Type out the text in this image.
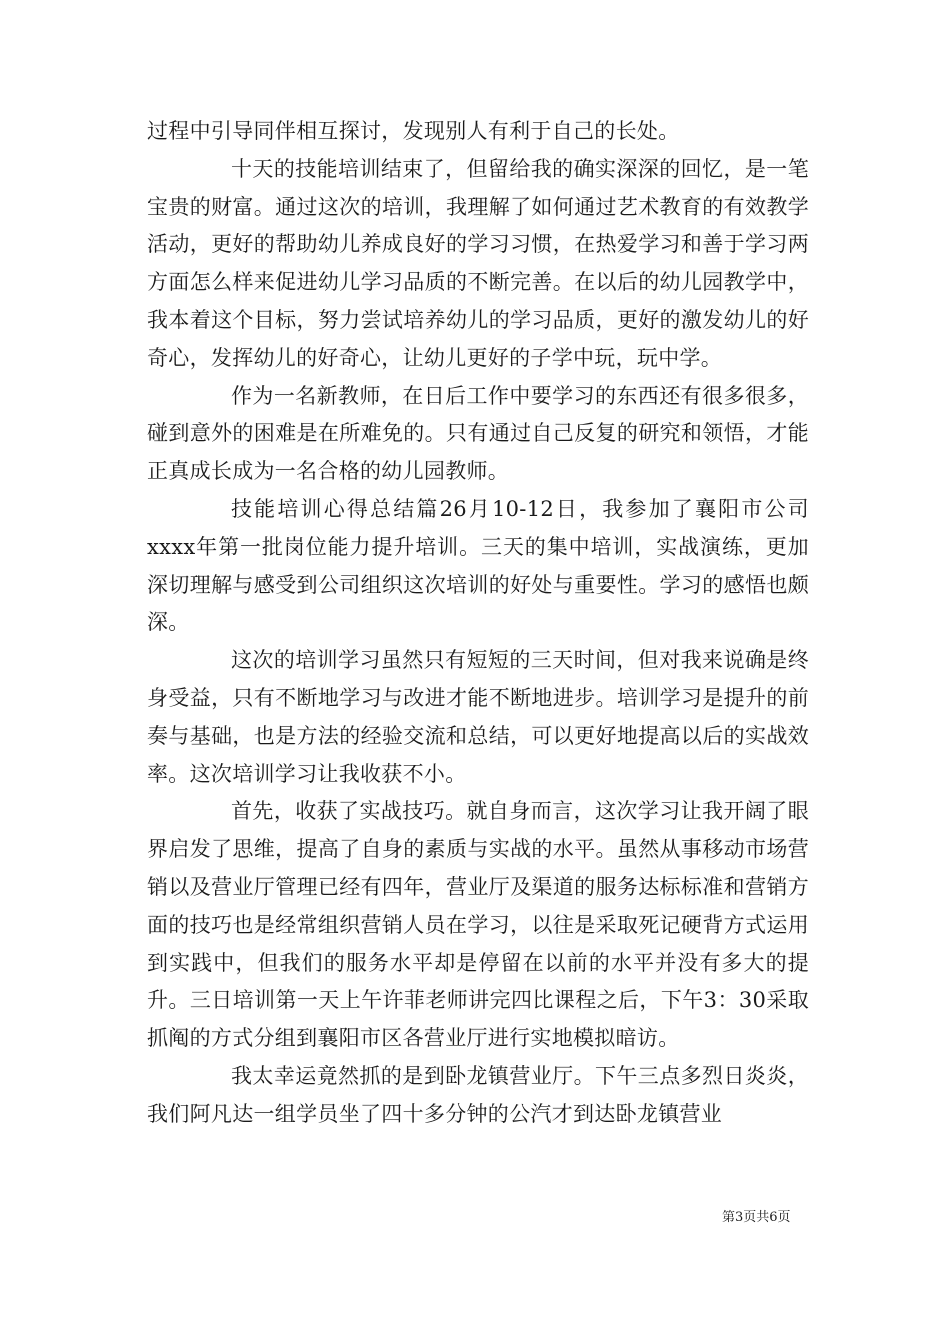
过程中引导同伴相互探讨，发现别人有利于自己的长处。

十天的技能培训结束了，但留给我的确实深深的回忆，是一笔宝贵的财富。通过这次的培训，我理解了如何通过艺术教育的有效教学活动，更好的帮助幼儿养成良好的学习习惯，在热爱学习和善于学习两方面怎么样来促进幼儿学习品质的不断完善。在以后的幼儿园教学中，我本着这个目标，努力尝试培养幼儿的学习品质，更好的激发幼儿的好奇心，发挥幼儿的好奇心，让幼儿更好的子学中玩，玩中学。

作为一名新教师，在日后工作中要学习的东西还有很多很多，碰到意外的困难是在所难免的。只有通过自己反复的研究和领悟，才能正真成长成为一名合格的幼儿园教师。

技能培训心得总结篇26月10-12日，我参加了襄阳市公司xxxx年第一批岗位能力提升培训。三天的集中培训，实战演练，更加深切理解与感受到公司组织这次培训的好处与重要性。学习的感悟也颇深。

这次的培训学习虽然只有短短的三天时间，但对我来说确是终身受益，只有不断地学习与改进才能不断地进步。培训学习是提升的前奏与基础，也是方法的经验交流和总结，可以更好地提高以后的实战效率。这次培训学习让我收获不小。

首先，收获了实战技巧。就自身而言，这次学习让我开阔了眼界启发了思维，提高了自身的素质与实战的水平。虽然从事移动市场营销以及营业厅管理已经有四年，营业厅及渠道的服务达标标准和营销方面的技巧也是经常组织营销人员在学习，以往是采取死记硬背方式运用到实践中，但我们的服务水平却是停留在以前的水平并没有多大的提升。三日培训第一天上午许菲老师讲完四比课程之后，下午3：30采取抓阄的方式分组到襄阳市区各营业厅进行实地模拟暗访。

我太幸运竟然抓的是到卧龙镇营业厅。下午三点多烈日炎炎，我们阿凡达一组学员坐了四十多分钟的公汽才到达卧龙镇营业

第3页共6页
